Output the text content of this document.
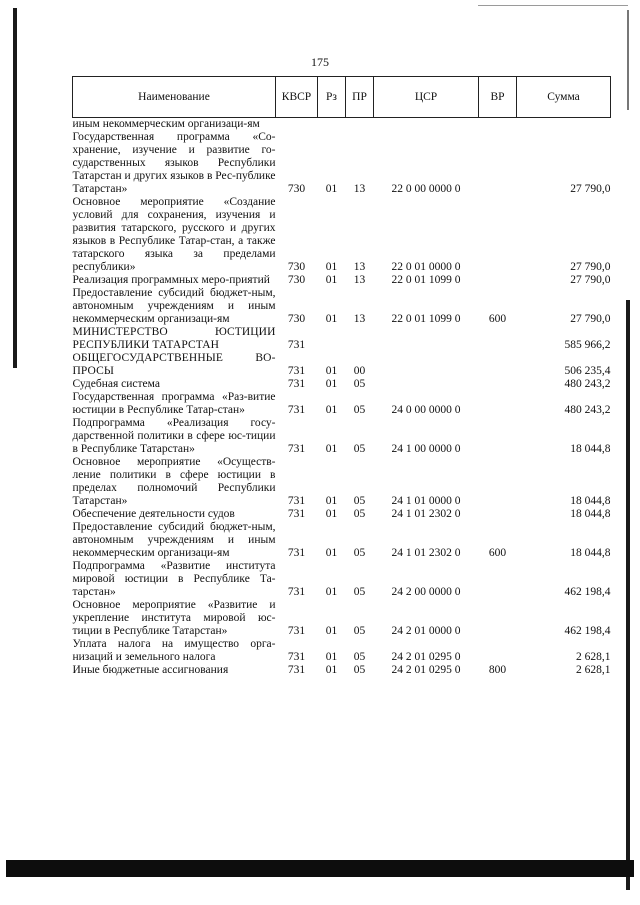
175
Наименование	КВСР	Рз	ПР	ЦСР	ВР	Сумма
иным некоммерческим организаци-ям						
Государственная программа «Со-хранение, изучение и развитие го-сударственных языков Республики Татарстан и других языков в Рес-публике Татарстан»	730	01	13	22 0 00 0000 0		27 790,0
Основное мероприятие «Создание условий для сохранения, изучения и развития татарского, русского и других языков в Республике Татар-стан, а также татарского языка за пределами республики»	730	01	13	22 0 01 0000 0		27 790,0
Реализация программных меро-приятий	730	01	13	22 0 01 1099 0		27 790,0
Предоставление субсидий бюджет-ным, автономным учреждениям и иным некоммерческим организаци-ям	730	01	13	22 0 01 1099 0	600	27 790,0
МИНИСТЕРСТВО ЮСТИЦИИ РЕСПУБЛИКИ ТАТАРСТАН	731					585 966,2
ОБЩЕГОСУДАРСТВЕННЫЕ ВО-ПРОСЫ	731	01	00			506 235,4
Судебная система	731	01	05			480 243,2
Государственная программа «Раз-витие юстиции в Республике Татар-стан»	731	01	05	24 0 00 0000 0		480 243,2
Подпрограмма «Реализация госу-дарственной политики в сфере юс-тиции в Республике Татарстан»	731	01	05	24 1 00 0000 0		18 044,8
Основное мероприятие «Осуществ-ление политики в сфере юстиции в пределах полномочий Республики Татарстан»	731	01	05	24 1 01 0000 0		18 044,8
Обеспечение деятельности судов	731	01	05	24 1 01 2302 0		18 044,8
Предоставление субсидий бюджет-ным, автономным учреждениям и иным некоммерческим организаци-ям	731	01	05	24 1 01 2302 0	600	18 044,8
Подпрограмма «Развитие института мировой юстиции в Республике Та-тарстан»	731	01	05	24 2 00 0000 0		462 198,4
Основное мероприятие «Развитие и укрепление института мировой юс-тиции в Республике Татарстан»	731	01	05	24 2 01 0000 0		462 198,4
Уплата налога на имущество орга-низаций и земельного налога	731	01	05	24 2 01 0295 0		2 628,1
Иные бюджетные ассигнования	731	01	05	24 2 01 0295 0	800	2 628,1
